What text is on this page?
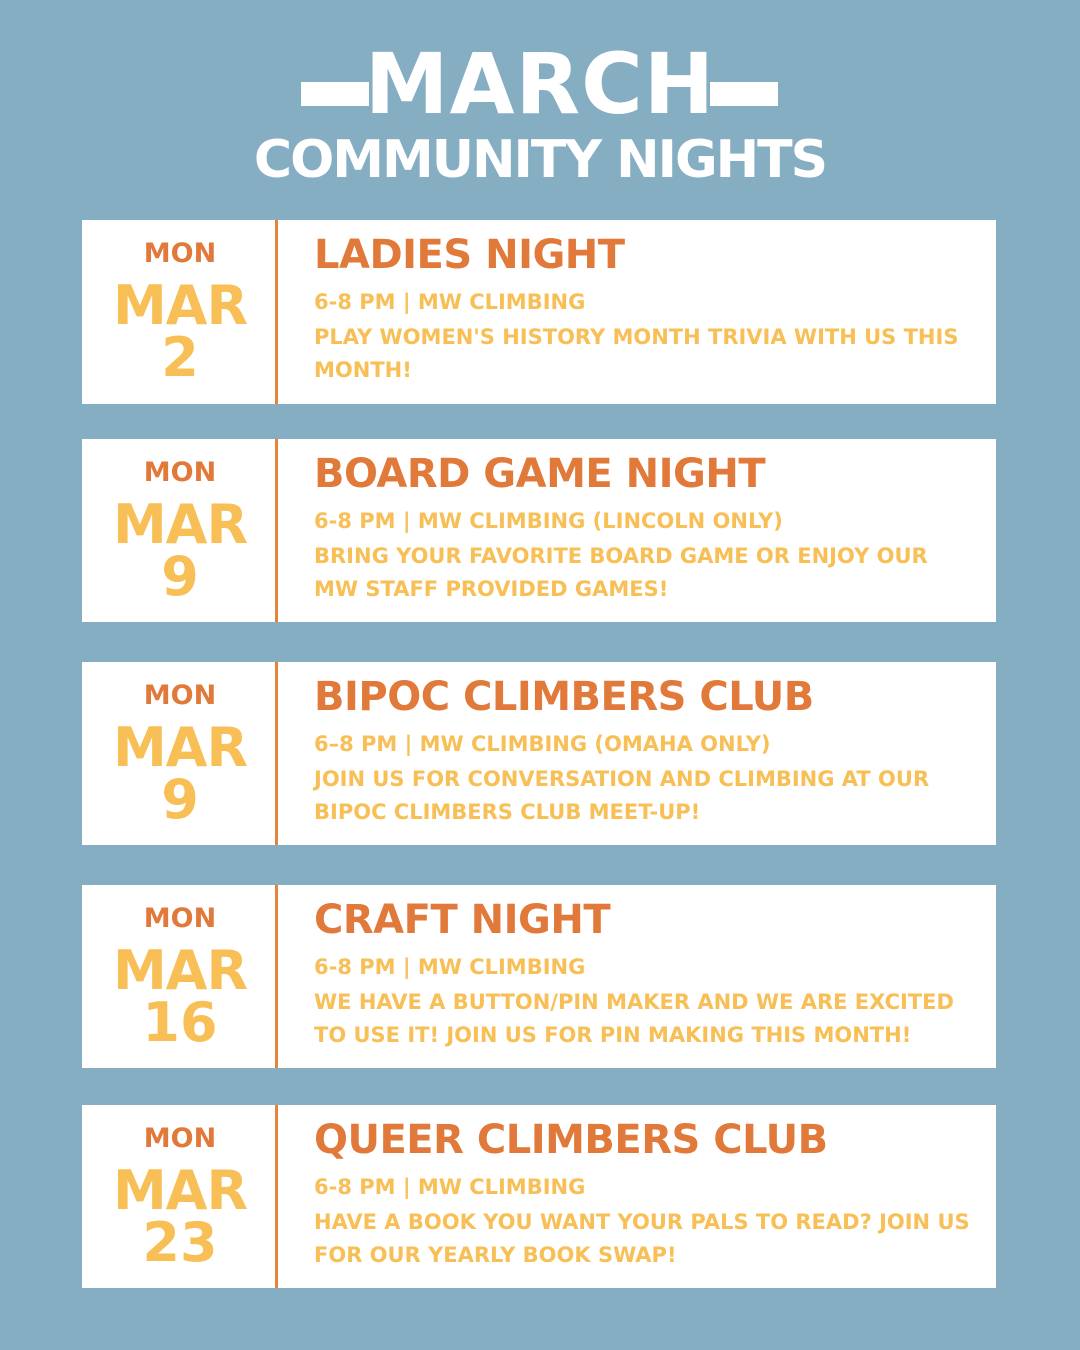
MARCH
COMMUNITY NIGHTS
MON
MAR
2
LADIES NIGHT
6-8 PM | MW CLIMBING
PLAY WOMEN'S HISTORY MONTH TRIVIA WITH US THIS MONTH!
MON
MAR
9
BOARD GAME NIGHT
6-8 PM | MW CLIMBING (LINCOLN ONLY)
BRING YOUR FAVORITE BOARD GAME OR ENJOY OUR MW STAFF PROVIDED GAMES!
MON
MAR
9
BIPOC CLIMBERS CLUB
6–8 PM | MW CLIMBING (OMAHA ONLY)
JOIN US FOR CONVERSATION AND CLIMBING AT OUR BIPOC CLIMBERS CLUB MEET-UP!
MON
MAR
16
CRAFT NIGHT
6-8 PM | MW CLIMBING
WE HAVE A BUTTON/PIN MAKER AND WE ARE EXCITED TO USE IT! JOIN US FOR PIN MAKING THIS MONTH!
MON
MAR
23
QUEER CLIMBERS CLUB
6-8 PM | MW CLIMBING
HAVE A BOOK YOU WANT YOUR PALS TO READ? JOIN US FOR OUR YEARLY BOOK SWAP!
